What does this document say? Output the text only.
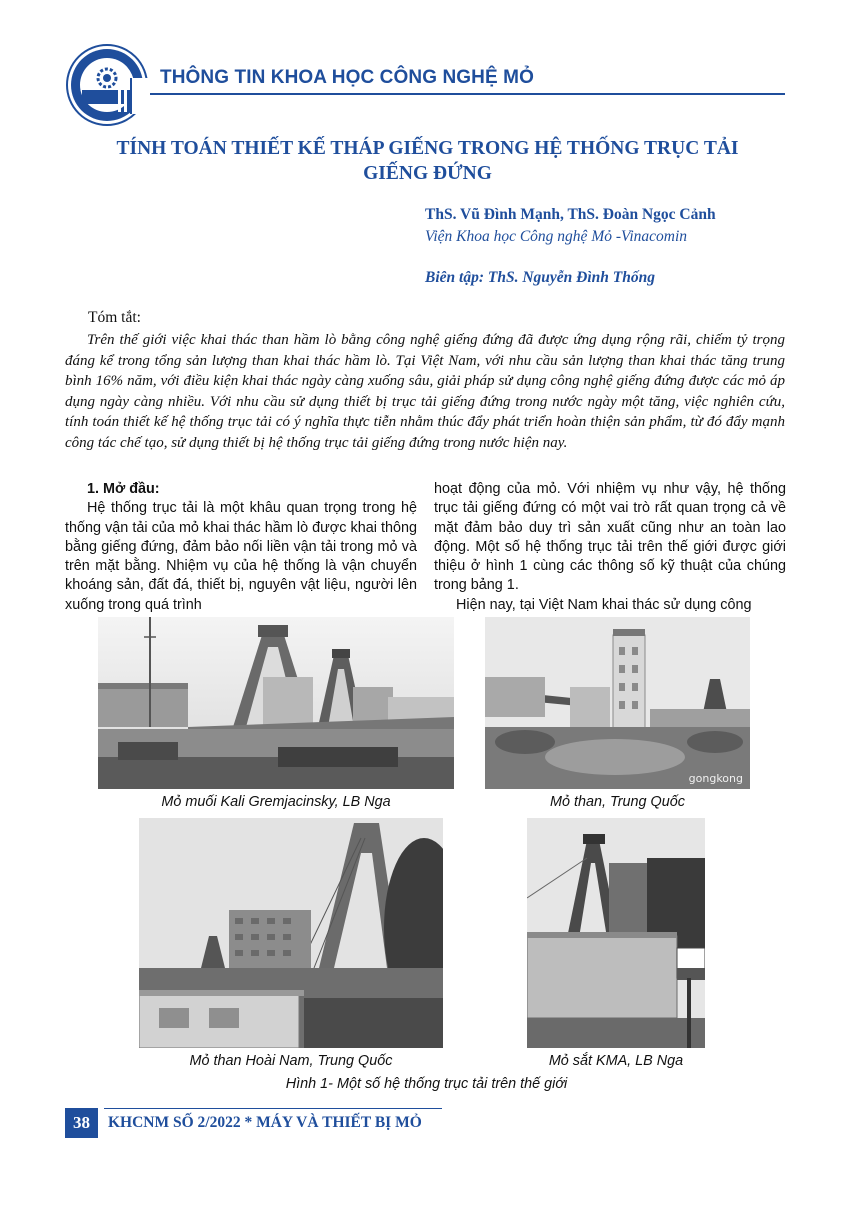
THÔNG TIN KHOA HỌC CÔNG NGHỆ MỎ
TÍNH TOÁN THIẾT KẾ THÁP GIẾNG TRONG HỆ THỐNG TRỤC TẢI
GIẾNG ĐỨNG
ThS. Vũ Đình Mạnh, ThS. Đoàn Ngọc Cảnh
Viện Khoa học Công nghệ Mỏ -Vinacomin
Biên tập: ThS. Nguyễn Đình Thống
Tóm tắt:
Trên thế giới việc khai thác than hầm lò bằng công nghệ giếng đứng đã được ứng dụng rộng rãi, chiếm tỷ trọng đáng kể trong tổng sản lượng than khai thác hầm lò. Tại Việt Nam, với nhu cầu sản lượng than khai thác tăng trung bình 16% năm, với điều kiện khai thác ngày càng xuống sâu, giải pháp sử dụng công nghệ giếng đứng được các mỏ áp dụng ngày càng nhiều. Với nhu cầu sử dụng thiết bị trục tải giếng đứng trong nước ngày một tăng, việc nghiên cứu, tính toán thiết kế hệ thống trục tải có ý nghĩa thực tiễn nhằm thúc đẩy phát triển hoàn thiện sản phẩm, từ đó đẩy mạnh công tác chế tạo, sử dụng thiết bị hệ thống trục tải giếng đứng trong nước hiện nay.
1. Mở đầu:
Hệ thống trục tải là một khâu quan trọng trong hệ thống vận tải của mỏ khai thác hầm lò được khai thông bằng giếng đứng, đảm bảo nối liền vận tải trong mỏ và trên mặt bằng. Nhiệm vụ của hệ thống là vận chuyển khoáng sản, đất đá, thiết bị, nguyên vật liệu, người lên xuống trong quá trình
hoạt động của mỏ. Với nhiệm vụ như vậy, hệ thống trục tải giếng đứng có một vai trò rất quan trọng cả về mặt đảm bảo duy trì sản xuất cũng như an toàn lao động. Một số hệ thống trục tải trên thế giới được giới thiệu ở hình 1 cùng các thông số kỹ thuật của chúng trong bảng 1.
Hiện nay, tại Việt Nam khai thác sử dụng công
gongkong
Mỏ muối Kali Gremjacinsky, LB Nga	Mỏ than, Trung Quốc
Mỏ than Hoài Nam, Trung Quốc	Mỏ sắt KMA, LB Nga
Hình 1- Một số hệ thống trục tải trên thế giới
38	KHCNM SỐ 2/2022 * MÁY VÀ THIẾT BỊ MỎ
